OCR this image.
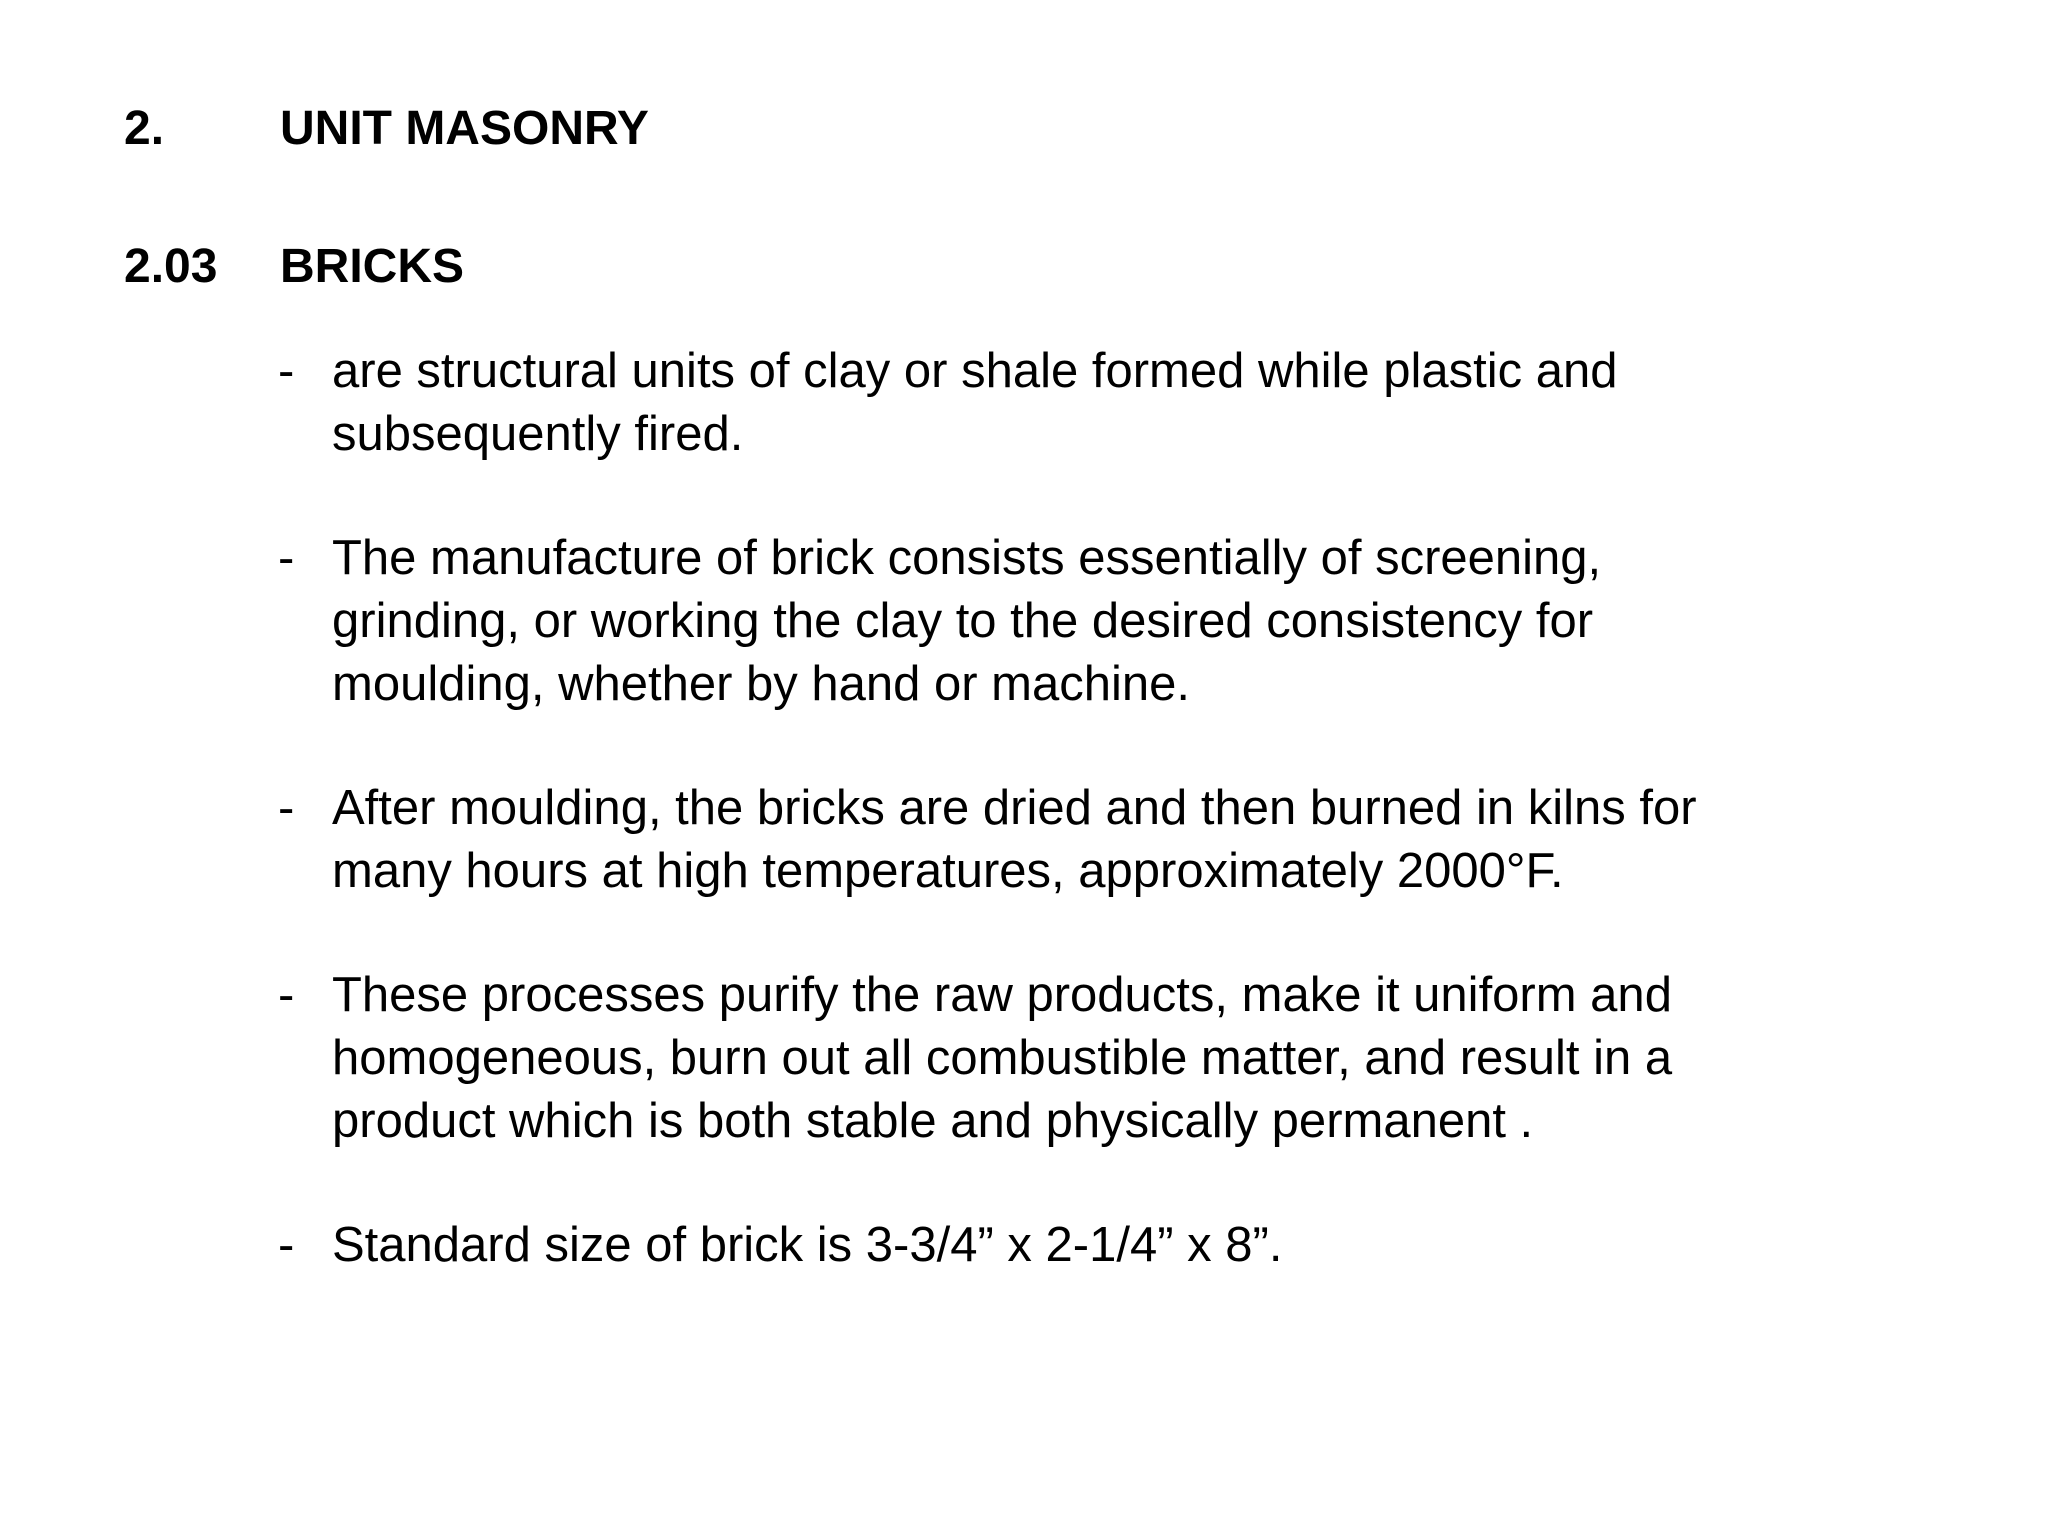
2. UNIT MASONRY
2.03 BRICKS
- are structural units of clay or shale formed while plastic and
subsequently fired.
- The manufacture of brick consists essentially of screening,
grinding, or working the clay to the desired consistency for
moulding, whether by hand or machine.
- After moulding, the bricks are dried and then burned in kilns for
many hours at high temperatures, approximately 2000°F.
- These processes purify the raw products, make it uniform and
homogeneous, burn out all combustible matter, and result in a
product which is both stable and physically permanent .
- Standard size of brick is 3-3/4” x 2-1/4” x 8”.
